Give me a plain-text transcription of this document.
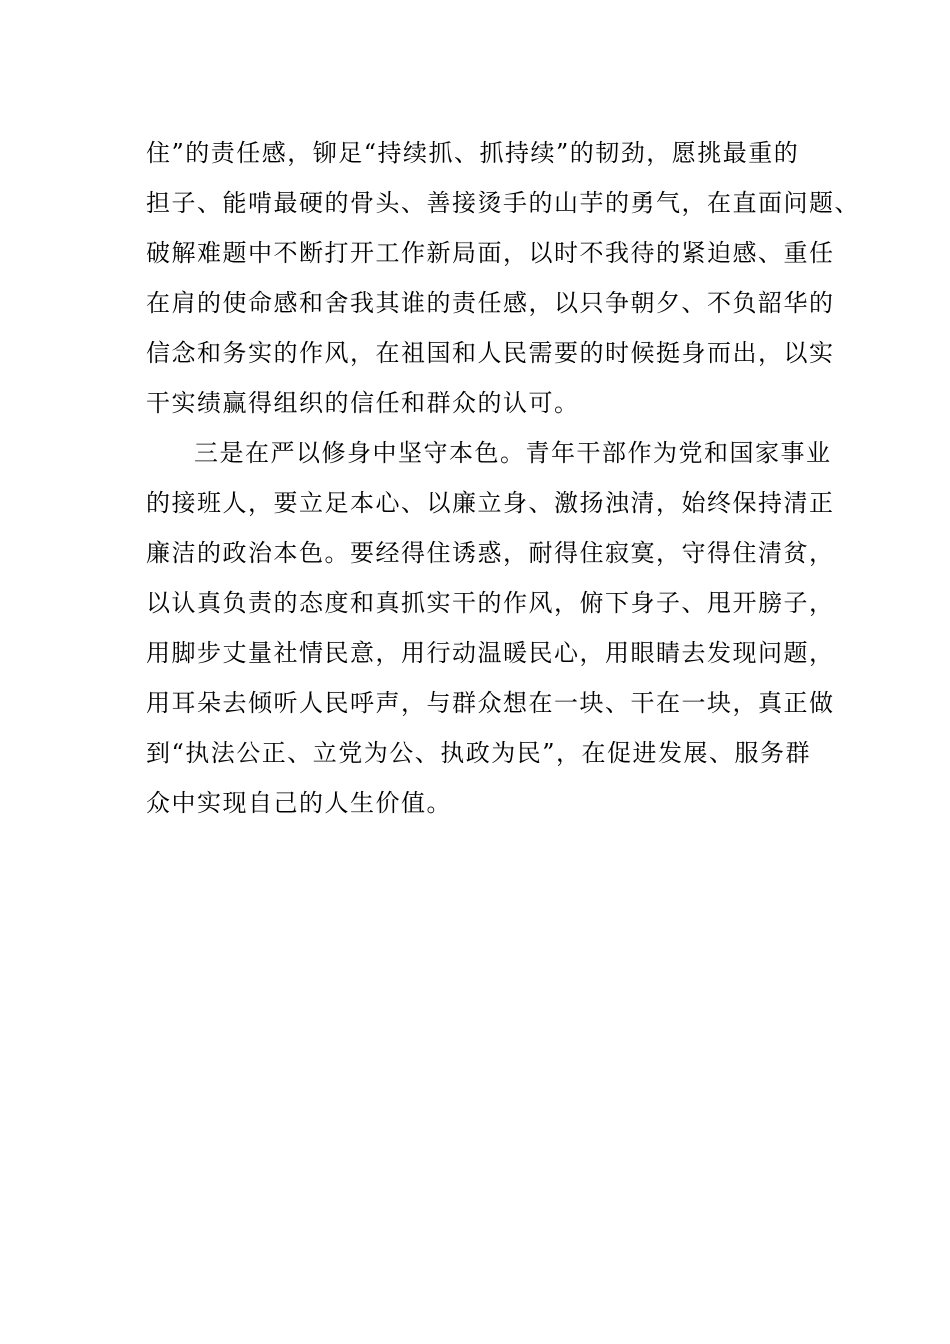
住”的责任感，铆足“持续抓、抓持续”的韧劲，愿挑最重的
担子、能啃最硬的骨头、善接烫手的山芋的勇气，在直面问题、
破解难题中不断打开工作新局面，以时不我待的紧迫感、重任
在肩的使命感和舍我其谁的责任感，以只争朝夕、不负韶华的
信念和务实的作风，在祖国和人民需要的时候挺身而出，以实
干实绩赢得组织的信任和群众的认可。
三是在严以修身中坚守本色。青年干部作为党和国家事业
的接班人，要立足本心、以廉立身、激扬浊清，始终保持清正
廉洁的政治本色。要经得住诱惑，耐得住寂寞，守得住清贫，
以认真负责的态度和真抓实干的作风，俯下身子、甩开膀子，
用脚步丈量社情民意，用行动温暖民心，用眼睛去发现问题，
用耳朵去倾听人民呼声，与群众想在一块、干在一块，真正做
到“执法公正、立党为公、执政为民”，在促进发展、服务群
众中实现自己的人生价值。
